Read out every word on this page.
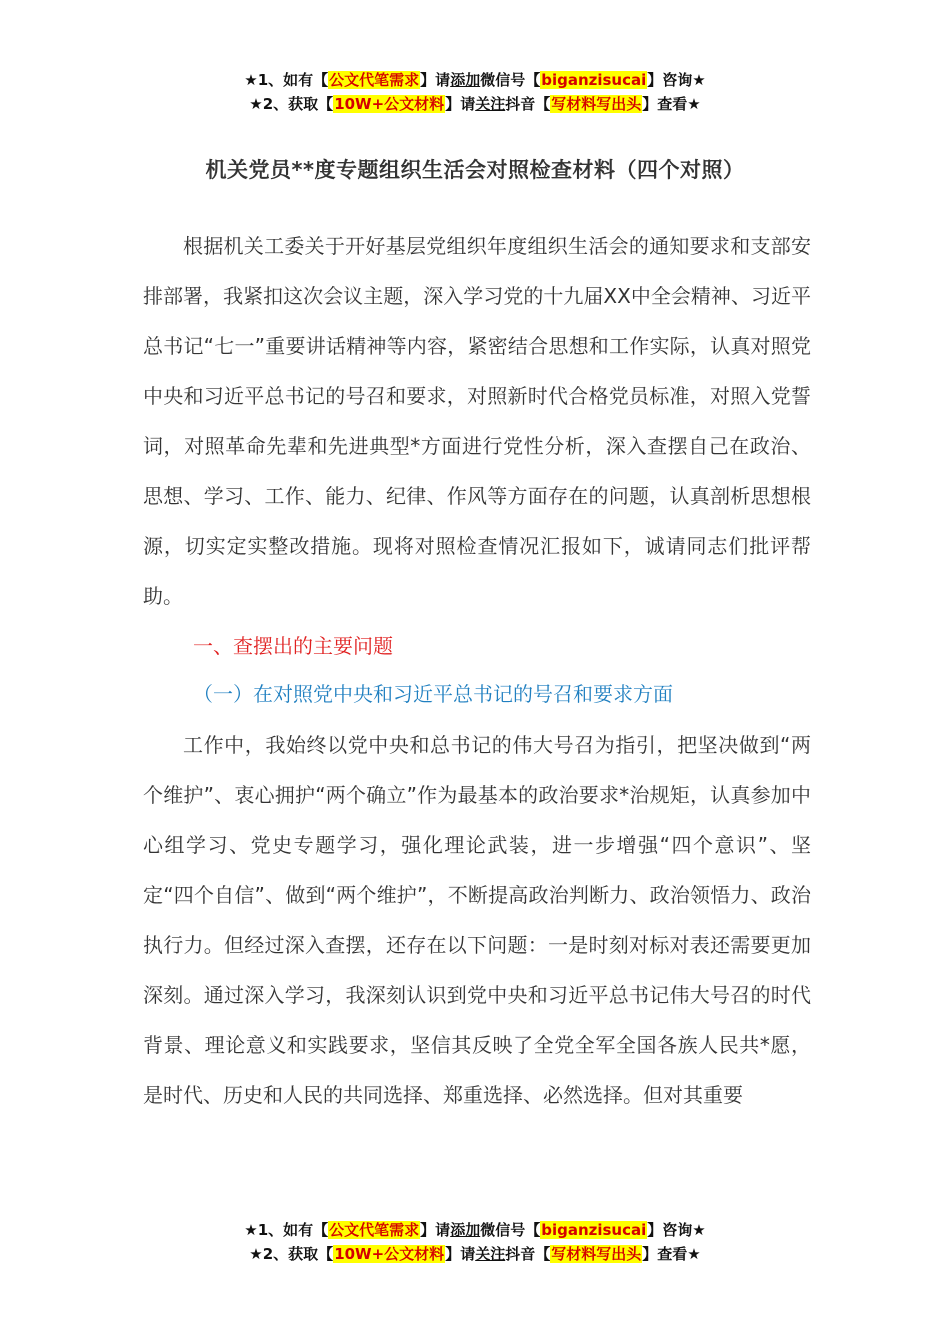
★1、如有【公文代笔需求】请添加微信号【biganzisucai】咨询★
★2、获取【10W+公文材料】请关注抖音【写材料写出头】查看★
机关党员**度专题组织生活会对照检查材料（四个对照）

根据机关工委关于开好基层党组织年度组织生活会的通知要求和支部安排部署，我紧扣这次会议主题，深入学习党的十九届XX中全会精神、习近平总书记“七一”重要讲话精神等内容，紧密结合思想和工作实际，认真对照党中央和习近平总书记的号召和要求，对照新时代合格党员标准，对照入党誓词，对照革命先辈和先进典型*方面进行党性分析，深入查摆自己在政治、思想、学习、工作、能力、纪律、作风等方面存在的问题，认真剖析思想根源，切实定实整改措施。现将对照检查情况汇报如下，诚请同志们批评帮助。

一、查摆出的主要问题
（一）在对照党中央和习近平总书记的号召和要求方面

工作中，我始终以党中央和总书记的伟大号召为指引，把坚决做到“两个维护”、衷心拥护“两个确立”作为最基本的政治要求*治规矩，认真参加中心组学习、党史专题学习，强化理论武装，进一步增强“四个意识”、坚定“四个自信”、做到“两个维护”，不断提高政治判断力、政治领悟力、政治执行力。但经过深入查摆，还存在以下问题：一是时刻对标对表还需要更加深刻。通过深入学习，我深刻认识到党中央和习近平总书记伟大号召的时代背景、理论意义和实践要求，坚信其反映了全党全军全国各族人民共*愿，是时代、历史和人民的共同选择、郑重选择、必然选择。但对其重要

★1、如有【公文代笔需求】请添加微信号【biganzisucai】咨询★
★2、获取【10W+公文材料】请关注抖音【写材料写出头】查看★
